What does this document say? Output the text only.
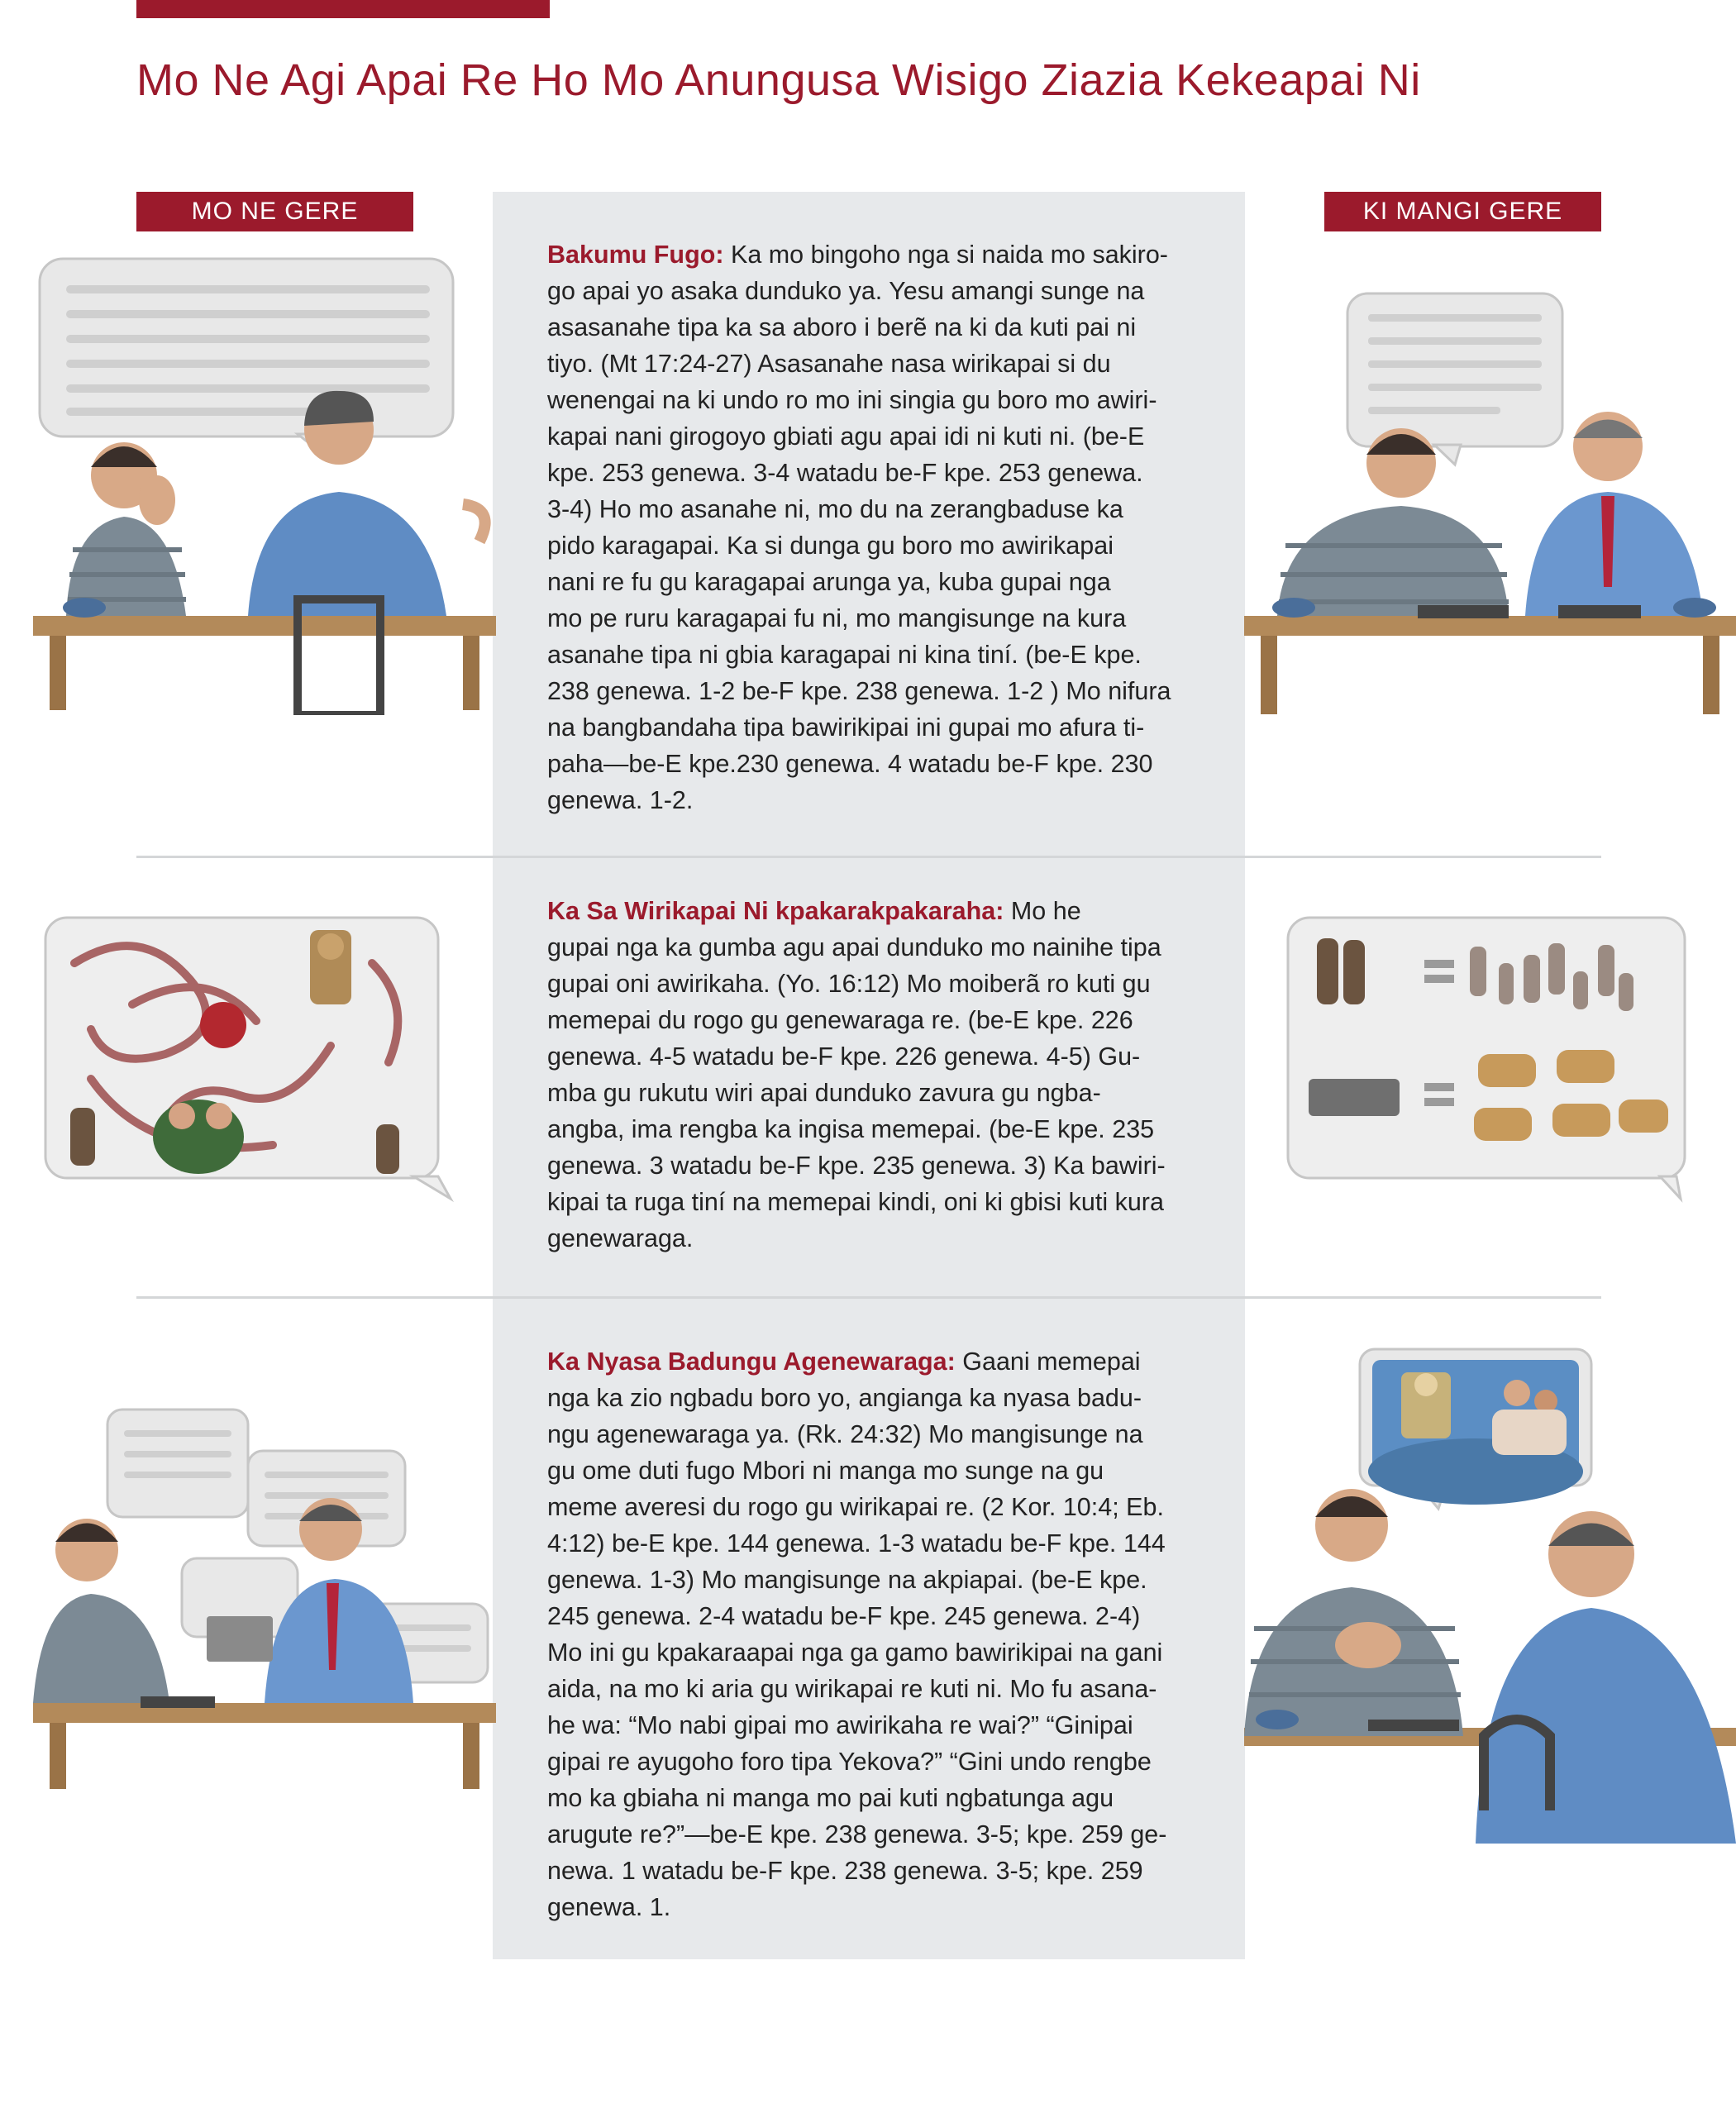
Mo Ne Agi Apai Re Ho Mo Anungusa Wisigo Ziazia Kekeapai Ni
MO NE GERE	KI MANGI GERE

Bakumu Fugo: Ka mo bingoho nga si naida mo sakiro-

go apai yo asaka dunduko ya. Yesu amangi sunge na

asasanahe tipa ka sa aboro i berẽ na ki da kuti pai ni

tiyo. (Mt 17:24-27) Asasanahe nasa wirikapai si du

wenengai na ki undo ro mo ini singia gu boro mo awiri-

kapai nani girogoyo gbiati agu apai idi ni kuti ni. (be-E

kpe. 253 genewa. 3-4 watadu be-F kpe. 253 genewa.

3-4) Ho mo asanahe ni, mo du na zerangbaduse ka

pido karagapai. Ka si dunga gu boro mo awirikapai

nani re fu gu karagapai arunga ya, kuba gupai nga

mo pe ruru karagapai fu ni, mo mangisunge na kura

asanahe tipa ni gbia karagapai ni kina tiní. (be-E kpe.

238 genewa. 1-2 be-F kpe. 238 genewa. 1-2 ) Mo nifura

na bangbandaha tipa bawirikipai ini gupai mo afura ti-

paha—be-E kpe.230 genewa. 4 watadu be-F kpe. 230

genewa. 1-2.

Ka Sa Wirikapai Ni kpakarakpakaraha: Mo he

gupai nga ka gumba agu apai dunduko mo nainihe tipa

gupai oni awirikaha. (Yo. 16:12) Mo moiberã ro kuti gu

memepai du rogo gu genewaraga re. (be-E kpe. 226

genewa. 4-5 watadu be-F kpe. 226 genewa. 4-5) Gu-

mba gu rukutu wiri apai dunduko zavura gu ngba-

angba, ima rengba ka ingisa memepai. (be-E kpe. 235

genewa. 3 watadu be-F kpe. 235 genewa. 3) Ka bawiri-

kipai ta ruga tiní na memepai kindi, oni ki gbisi kuti kura

genewaraga.

Ka Nyasa Badungu Agenewaraga: Gaani memepai

nga ka zio ngbadu boro yo, angianga ka nyasa badu-

ngu agenewaraga ya. (Rk. 24:32) Mo mangisunge na

gu ome duti fugo Mbori ni manga mo sunge na gu

meme averesi du rogo gu wirikapai re. (2 Kor. 10:4; Eb.

4:12) be-E kpe. 144 genewa. 1-3 watadu be-F kpe. 144

genewa. 1-3) Mo mangisunge na akpiapai. (be-E kpe.

245 genewa. 2-4 watadu be-F kpe. 245 genewa. 2-4)

Mo ini gu kpakaraapai nga ga gamo bawirikipai na gani

aida, na mo ki aria gu wirikapai re kuti ni. Mo fu asana-

he wa: “Mo nabi gipai mo awirikaha re wai?” “Ginipai

gipai re ayugoho foro tipa Yekova?” “Gini undo rengbe

mo ka gbiaha ni manga mo pai kuti ngbatunga agu

arugute re?”—be-E kpe. 238 genewa. 3-5; kpe. 259 ge-

newa. 1 watadu be-F kpe. 238 genewa. 3-5; kpe. 259

genewa. 1.
